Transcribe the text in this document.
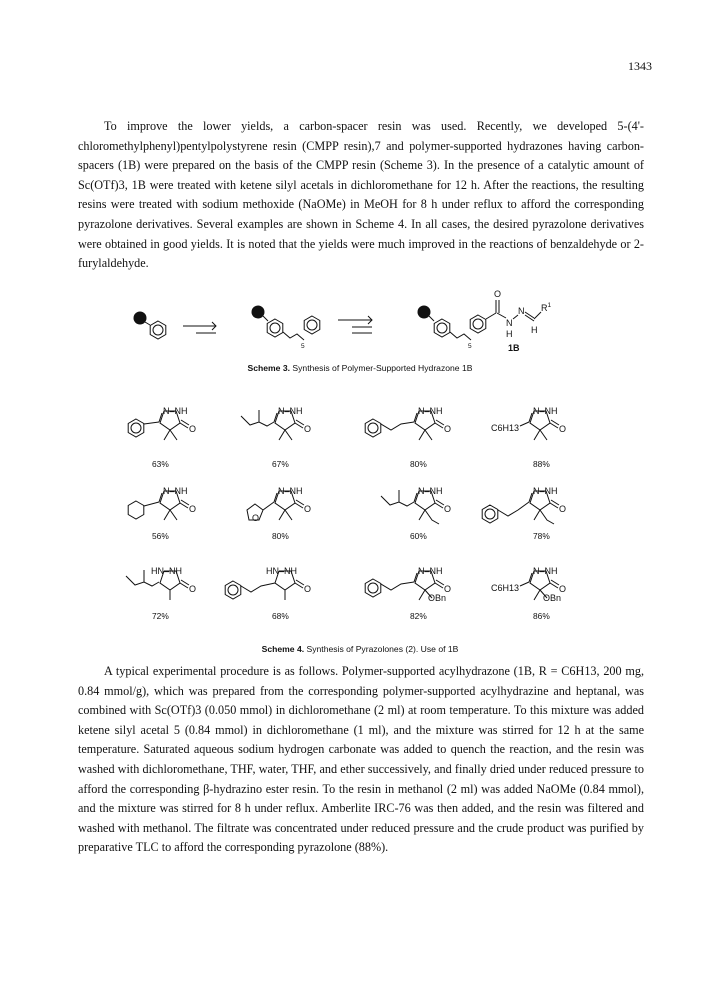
1343

To improve the lower yields, a carbon-spacer resin was used. Recently, we developed 5-(4'-chloromethylphenyl)pentylpolystyrene resin (CMPP resin),7 and polymer-supported hydrazones having carbon-spacers (1B) were prepared on the basis of the CMPP resin (Scheme 3). In the presence of a catalytic amount of Sc(OTf)3, 1B were treated with ketene silyl acetals in dichloromethane for 12 h. After the reactions, the resulting resins were treated with sodium methoxide (NaOMe) in MeOH for 8 h under reflux to afford the corresponding pyrazolone derivatives. Several examples are shown in Scheme 4. In all cases, the desired pyrazolone derivatives were obtained in good yields. It is noted that the yields were much improved in the reactions of benzaldehyde or 2-furylaldehyde.

5	5
O
N
H
N
H
$R^1$
1B
N–NH
O
N–NH
O
N–NH
O
N–NH
O
C6H13
N–NH
O
N–NH
O
O
N–NH
O
N–NH
O
HN–NH
O
HN–NH
O
N–NH
O
OBn
N–NH
O
C6H13
OBn
63%	67%	80%	88%
56%	80%	60%	78%
72%	68%	82%	86%
Scheme 3. Synthesis of Polymer-Supported Hydrazone 1B
Scheme 4. Synthesis of Pyrazolones (2). Use of 1B

A typical experimental procedure is as follows. Polymer-supported acylhydrazone (1B, R = C6H13, 200 mg, 0.84 mmol/g), which was prepared from the corresponding polymer-supported acylhydrazine and heptanal, was combined with Sc(OTf)3 (0.050 mmol) in dichloromethane (2 ml) at room temperature. To this mixture was added ketene silyl acetal 5 (0.84 mmol) in dichloromethane (1 ml), and the mixture was stirred for 12 h at the same temperature. Saturated aqueous sodium hydrogen carbonate was added to quench the reaction, and the resin was washed with dichloromethane, THF, water, THF, and ether successively, and finally dried under reduced pressure to afford the corresponding β-hydrazino ester resin. To the resin in methanol (2 ml) was added NaOMe (0.84 mmol), and the mixture was stirred for 8 h under reflux. Amberlite IRC-76 was then added, and the resin was filtered and washed with methanol. The filtrate was concentrated under reduced pressure and the crude product was purified by preparative TLC to afford the corresponding pyrazolone (88%).
